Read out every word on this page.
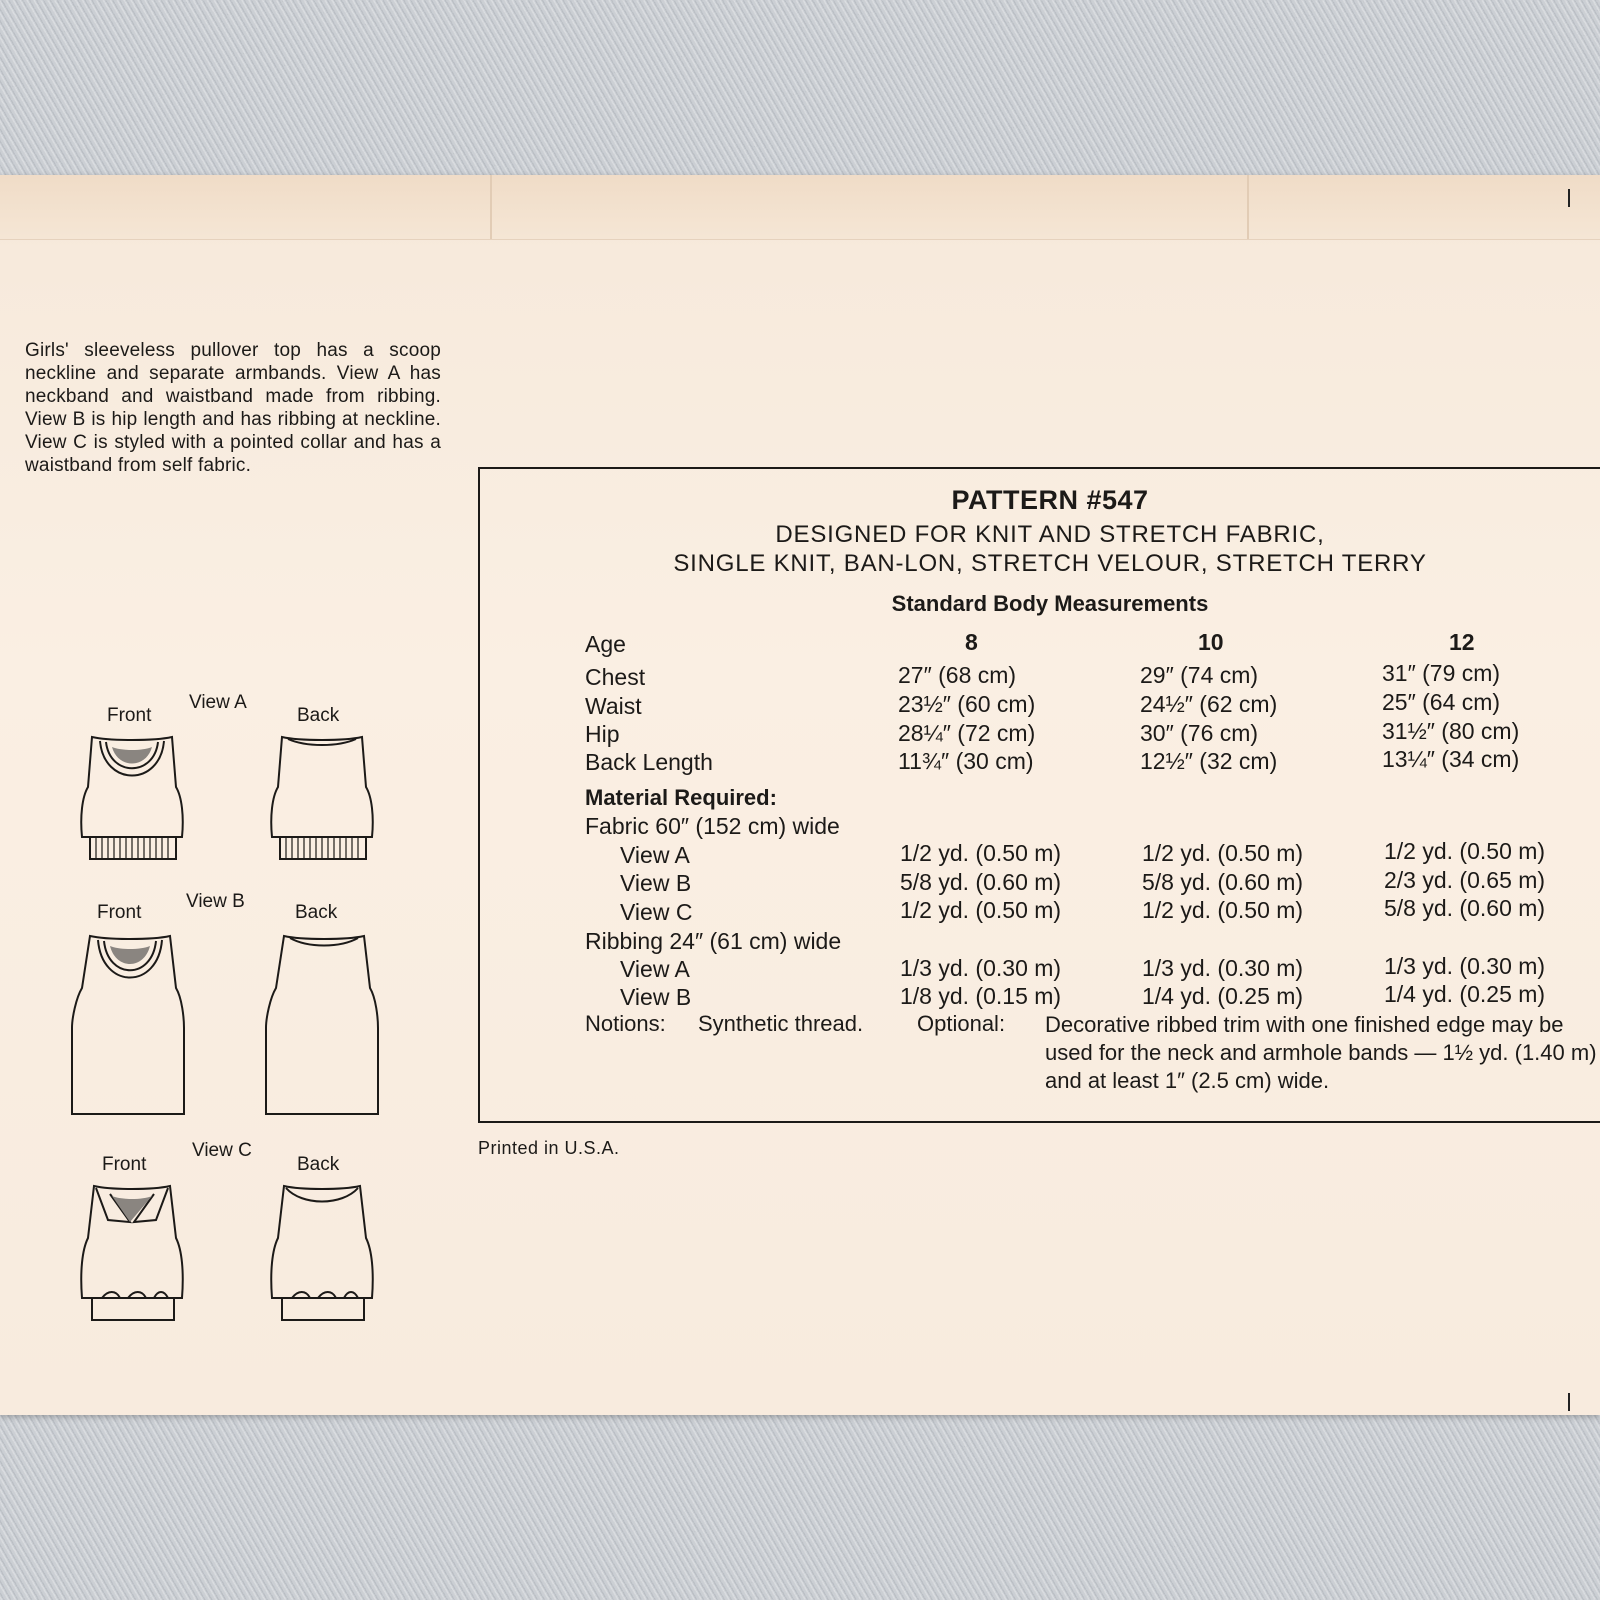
Girls' sleeveless pullover top has a scoop neckline and separate armbands. View A has neckband and waistband made from ribbing. View B is hip length and has ribbing at neckline. View C is styled with a pointed collar and has a waistband from self fabric.
View A
Front	Back
View B
Front	Back
View C
Front	Back
PATTERN #547
DESIGNED FOR KNIT AND STRETCH FABRIC,
SINGLE KNIT, BAN-LON, STRETCH VELOUR, STRETCH TERRY
Standard Body Measurements
Age	8	10	12
Chest	27″ (68 cm)	29″ (74 cm)	31″ (79 cm)
Waist	23½″ (60 cm)	24½″ (62 cm)	25″ (64 cm)
Hip	28¼″ (72 cm)	30″ (76 cm)	31½″ (80 cm)
Back Length	11¾″ (30 cm)	12½″ (32 cm)	13¼″ (34 cm)
Material Required:
Fabric 60″ (152 cm) wide
View A	1/2 yd. (0.50 m)	1/2 yd. (0.50 m)	1/2 yd. (0.50 m)
View B	5/8 yd. (0.60 m)	5/8 yd. (0.60 m)	2/3 yd. (0.65 m)
View C	1/2 yd. (0.50 m)	1/2 yd. (0.50 m)	5/8 yd. (0.60 m)
Ribbing 24″ (61 cm) wide
View A	1/3 yd. (0.30 m)	1/3 yd. (0.30 m)	1/3 yd. (0.30 m)
View B	1/8 yd. (0.15 m)	1/4 yd. (0.25 m)	1/4 yd. (0.25 m)
Notions: Synthetic thread. Optional: Decorative ribbed trim with one finished edge may be used for the neck and armhole bands — 1½ yd. (1.40 m) and at least 1″ (2.5 cm) wide.
Printed in U.S.A.
